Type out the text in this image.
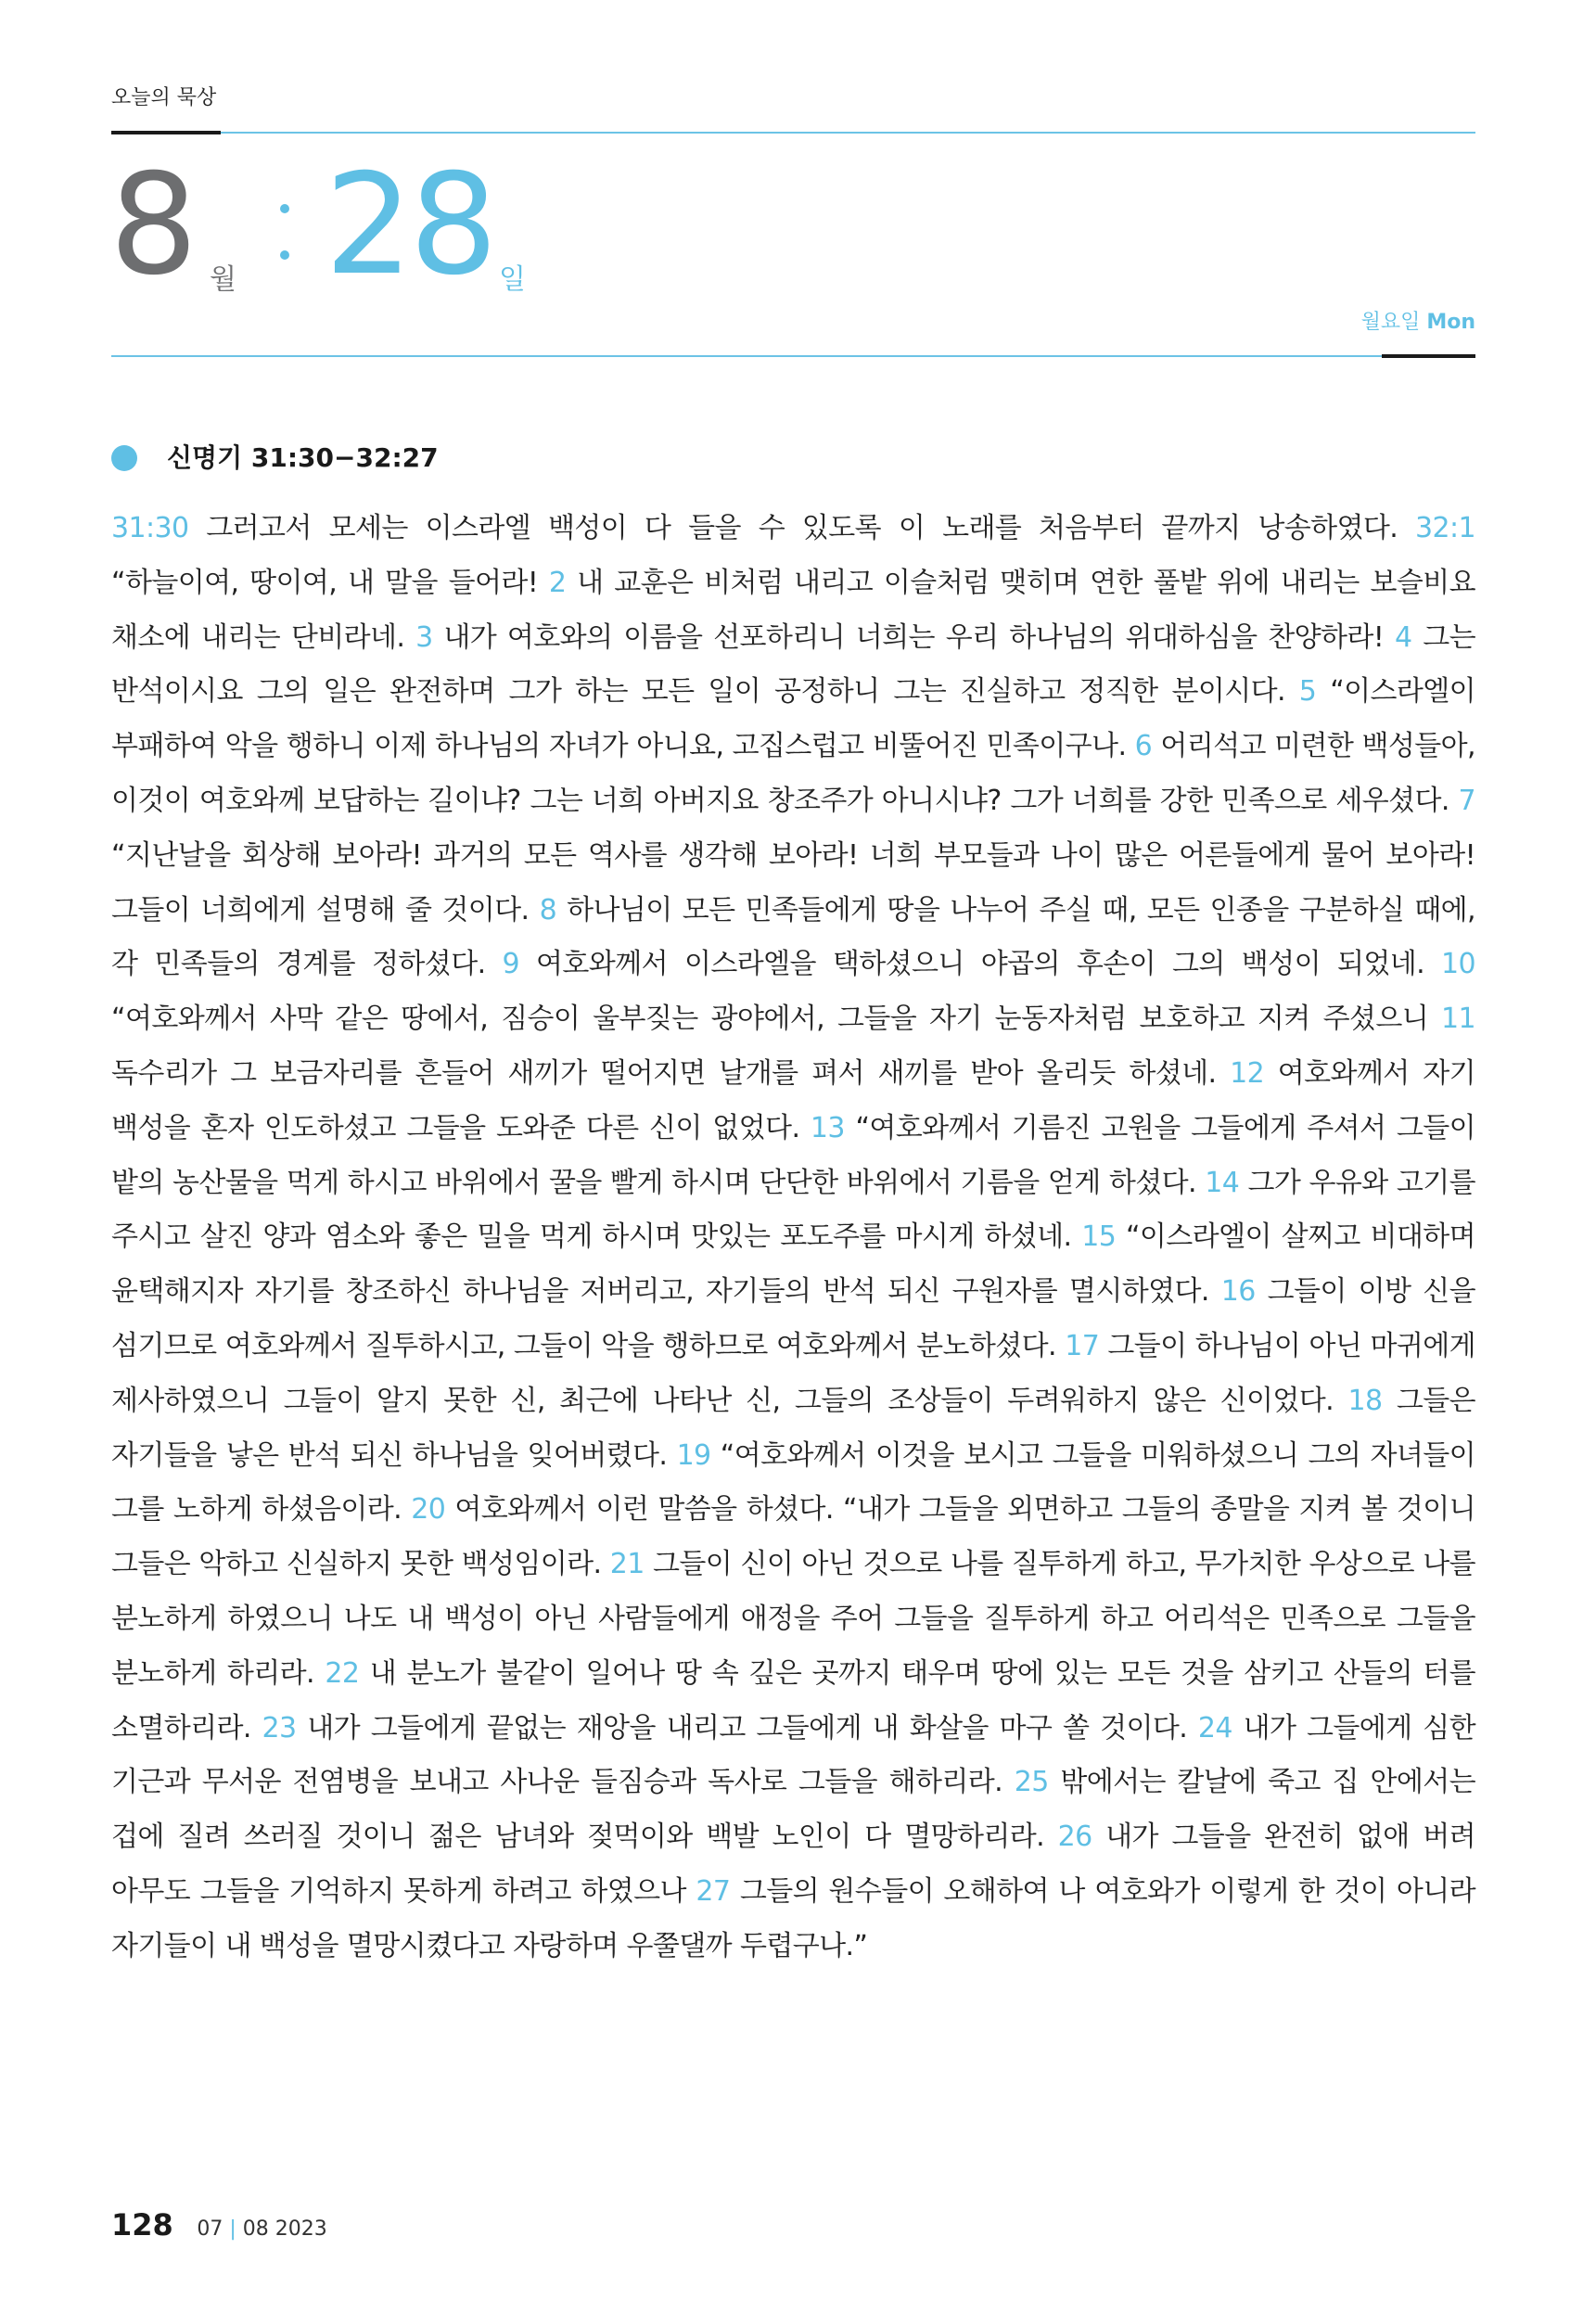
오늘의 묵상
8 월 28 일
월요일 Mon
신명기 31:30−32:27
31:30 그러고서 모세는 이스라엘 백성이 다 들을 수 있도록 이 노래를 처음부터 끝까지 낭송하였다. 32:1 “하늘이여, 땅이여, 내 말을 들어라! 2 내 교훈은 비처럼 내리고 이슬처럼 맺히며 연한 풀밭 위에 내리는 보슬비요 채소에 내리는 단비라네. 3 내가 여호와의 이름을 선포하리니 너희는 우리 하나님의 위대하심을 찬양하라! 4 그는 반석이시요 그의 일은 완전하며 그가 하는 모든 일이 공정하니 그는 진실하고 정직한 분이시다. 5 “이스라엘이 부패하여 악을 행하니 이제 하나님의 자녀가 아니요, 고집스럽고 비뚤어진 민족이구나. 6 어리석고 미련한 백성들아, 이것이 여호와께 보답하는 길이냐? 그는 너희 아버지요 창조주가 아니시냐? 그가 너희를 강한 민족으로 세우셨다. 7 “지난날을 회상해 보아라! 과거의 모든 역사를 생각해 보아라! 너희 부모들과 나이 많은 어른들에게 물어 보아라! 그들이 너희에게 설명해 줄 것이다. 8 하나님이 모든 민족들에게 땅을 나누어 주실 때, 모든 인종을 구분하실 때에, 각 민족들의 경계를 정하셨다. 9 여호와께서 이스라엘을 택하셨으니 야곱의 후손이 그의 백성이 되었네. 10 “여호와께서 사막 같은 땅에서, 짐승이 울부짖는 광야에서, 그들을 자기 눈동자처럼 보호하고 지켜 주셨으니 11 독수리가 그 보금자리를 흔들어 새끼가 떨어지면 날개를 펴서 새끼를 받아 올리듯 하셨네. 12 여호와께서 자기 백성을 혼자 인도하셨고 그들을 도와준 다른 신이 없었다. 13 “여호와께서 기름진 고원을 그들에게 주셔서 그들이 밭의 농산물을 먹게 하시고 바위에서 꿀을 빨게 하시며 단단한 바위에서 기름을 얻게 하셨다. 14 그가 우유와 고기를 주시고 살진 양과 염소와 좋은 밀을 먹게 하시며 맛있는 포도주를 마시게 하셨네. 15 “이스라엘이 살찌고 비대하며 윤택해지자 자기를 창조하신 하나님을 저버리고, 자기들의 반석 되신 구원자를 멸시하였다. 16 그들이 이방 신을 섬기므로 여호와께서 질투하시고, 그들이 악을 행하므로 여호와께서 분노하셨다. 17 그들이 하나님이 아닌 마귀에게 제사하였으니 그들이 알지 못한 신, 최근에 나타난 신, 그들의 조상들이 두려워하지 않은 신이었다. 18 그들은 자기들을 낳은 반석 되신 하나님을 잊어버렸다. 19 “여호와께서 이것을 보시고 그들을 미워하셨으니 그의 자녀들이 그를 노하게 하셨음이라. 20 여호와께서 이런 말씀을 하셨다. “내가 그들을 외면하고 그들의 종말을 지켜 볼 것이니 그들은 악하고 신실하지 못한 백성임이라. 21 그들이 신이 아닌 것으로 나를 질투하게 하고, 무가치한 우상으로 나를 분노하게 하였으니 나도 내 백성이 아닌 사람들에게 애정을 주어 그들을 질투하게 하고 어리석은 민족으로 그들을 분노하게 하리라. 22 내 분노가 불같이 일어나 땅 속 깊은 곳까지 태우며 땅에 있는 모든 것을 삼키고 산들의 터를 소멸하리라. 23 내가 그들에게 끝없는 재앙을 내리고 그들에게 내 화살을 마구 쏠 것이다. 24 내가 그들에게 심한 기근과 무서운 전염병을 보내고 사나운 들짐승과 독사로 그들을 해하리라. 25 밖에서는 칼날에 죽고 집 안에서는 겁에 질려 쓰러질 것이니 젊은 남녀와 젖먹이와 백발 노인이 다 멸망하리라. 26 내가 그들을 완전히 없애 버려 아무도 그들을 기억하지 못하게 하려고 하였으나 27 그들의 원수들이 오해하여 나 여호와가 이렇게 한 것이 아니라 자기들이 내 백성을 멸망시켰다고 자랑하며 우쭐댈까 두렵구나.”
128 07 | 08 2023
